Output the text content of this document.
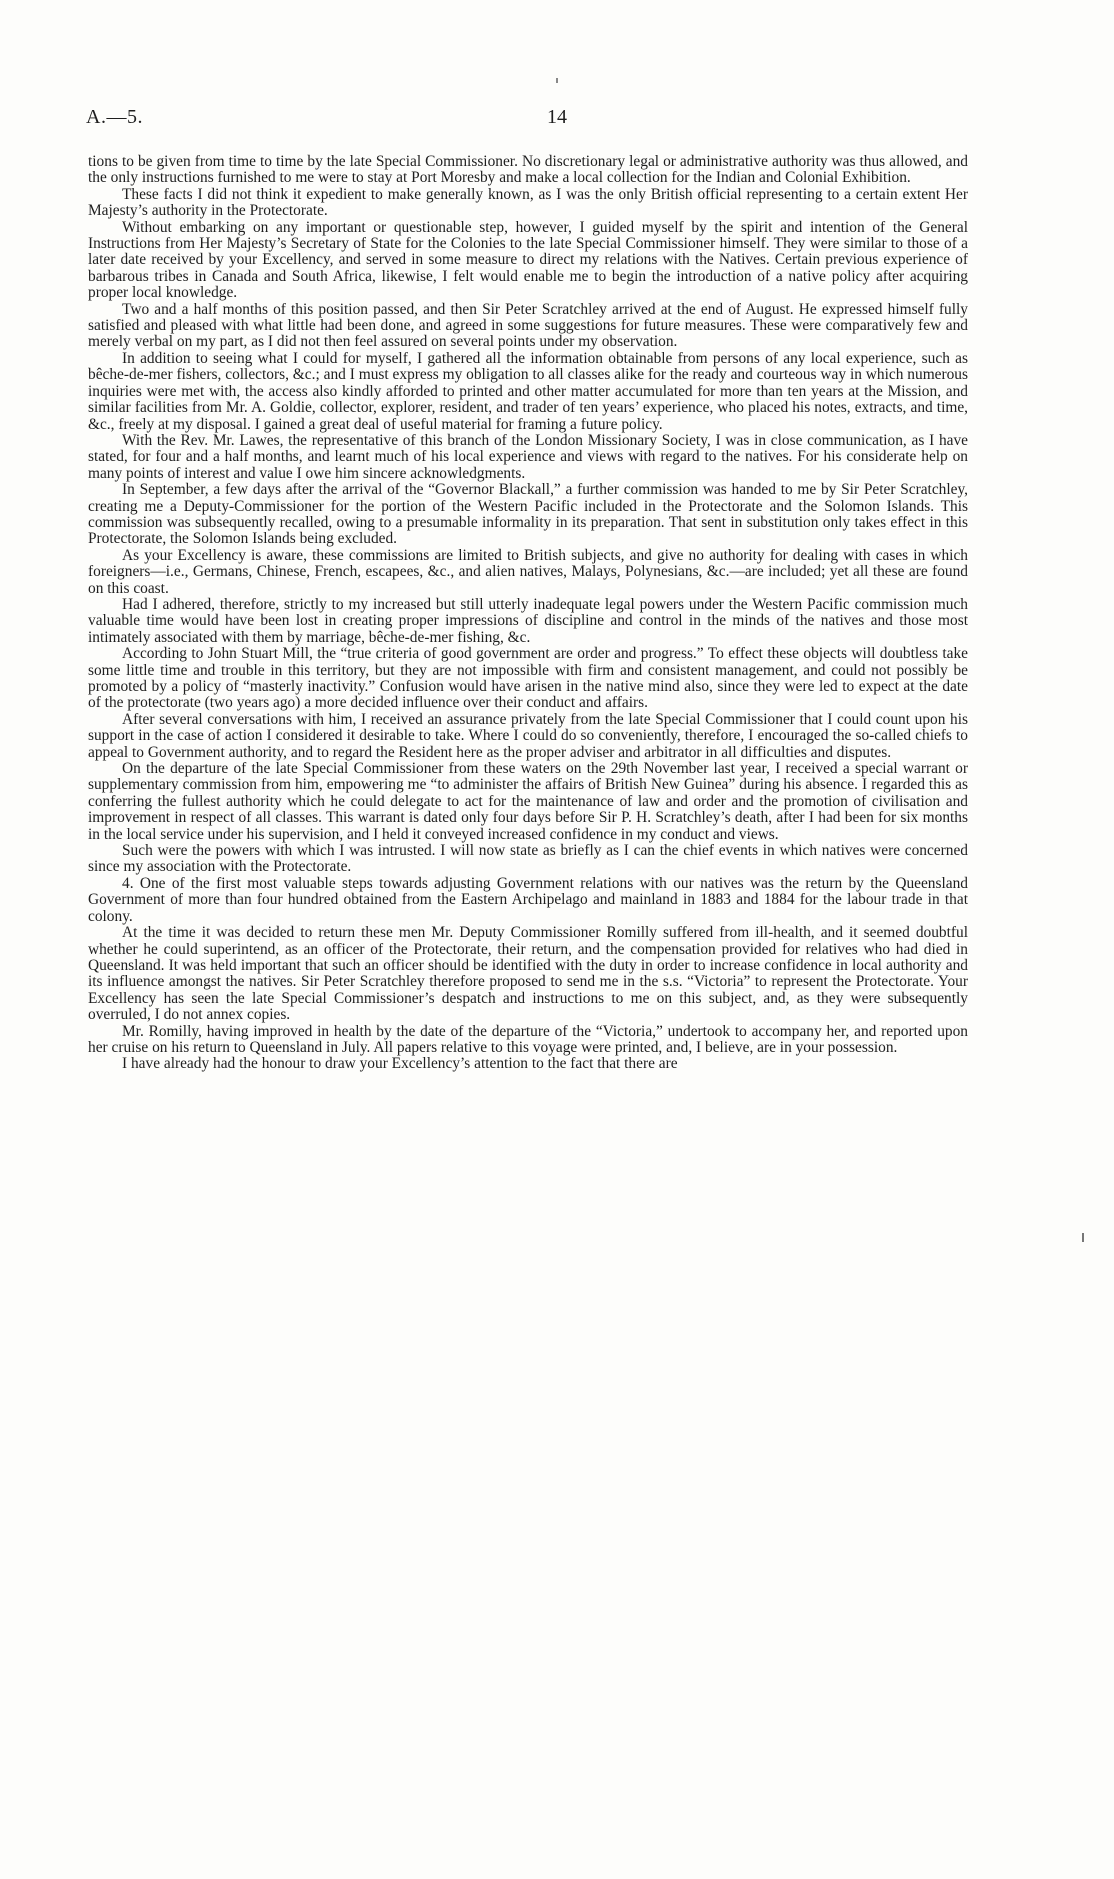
A.—5.	14

tions to be given from time to time by the late Special Commissioner. No discretionary legal or administrative authority was thus allowed, and the only instructions furnished to me were to stay at Port Moresby and make a local collection for the Indian and Colonial Exhibition.

These facts I did not think it expedient to make generally known, as I was the only British official representing to a certain extent Her Majesty’s authority in the Protectorate.

Without embarking on any important or questionable step, however, I guided myself by the spirit and intention of the General Instructions from Her Majesty’s Secretary of State for the Colonies to the late Special Commissioner himself. They were similar to those of a later date received by your Excellency, and served in some measure to direct my relations with the Natives. Certain previous experience of barbarous tribes in Canada and South Africa, likewise, I felt would enable me to begin the introduction of a native policy after acquiring proper local knowledge.

Two and a half months of this position passed, and then Sir Peter Scratchley arrived at the end of August. He expressed himself fully satisfied and pleased with what little had been done, and agreed in some suggestions for future measures. These were comparatively few and merely verbal on my part, as I did not then feel assured on several points under my observation.

In addition to seeing what I could for myself, I gathered all the information obtainable from persons of any local experience, such as bêche-de-mer fishers, collectors, &c.; and I must express my obligation to all classes alike for the ready and courteous way in which numerous inquiries were met with, the access also kindly afforded to printed and other matter accumulated for more than ten years at the Mission, and similar facilities from Mr. A. Goldie, collector, explorer, resident, and trader of ten years’ experience, who placed his notes, extracts, and time, &c., freely at my disposal. I gained a great deal of useful material for framing a future policy.

With the Rev. Mr. Lawes, the representative of this branch of the London Missionary Society, I was in close communication, as I have stated, for four and a half months, and learnt much of his local experience and views with regard to the natives. For his considerate help on many points of interest and value I owe him sincere acknowledgments.

In September, a few days after the arrival of the “Governor Blackall,” a further commission was handed to me by Sir Peter Scratchley, creating me a Deputy-Commissioner for the portion of the Western Pacific included in the Protectorate and the Solomon Islands. This commission was subsequently recalled, owing to a presumable informality in its preparation. That sent in substitution only takes effect in this Protectorate, the Solomon Islands being excluded.

As your Excellency is aware, these commissions are limited to British subjects, and give no authority for dealing with cases in which foreigners—i.e., Germans, Chinese, French, escapees, &c., and alien natives, Malays, Polynesians, &c.—are included; yet all these are found on this coast.

Had I adhered, therefore, strictly to my increased but still utterly inadequate legal powers under the Western Pacific commission much valuable time would have been lost in creating proper impressions of discipline and control in the minds of the natives and those most intimately associated with them by marriage, bêche-de-mer fishing, &c.

According to John Stuart Mill, the “true criteria of good government are order and progress.” To effect these objects will doubtless take some little time and trouble in this territory, but they are not impossible with firm and consistent management, and could not possibly be promoted by a policy of “masterly inactivity.” Confusion would have arisen in the native mind also, since they were led to expect at the date of the protectorate (two years ago) a more decided influence over their conduct and affairs.

After several conversations with him, I received an assurance privately from the late Special Commissioner that I could count upon his support in the case of action I considered it desirable to take. Where I could do so conveniently, therefore, I encouraged the so-called chiefs to appeal to Government authority, and to regard the Resident here as the proper adviser and arbitrator in all difficulties and disputes.

On the departure of the late Special Commissioner from these waters on the 29th November last year, I received a special warrant or supplementary commission from him, empowering me “to administer the affairs of British New Guinea” during his absence. I regarded this as conferring the fullest authority which he could delegate to act for the maintenance of law and order and the promotion of civilisation and improvement in respect of all classes. This warrant is dated only four days before Sir P. H. Scratchley’s death, after I had been for six months in the local service under his supervision, and I held it conveyed increased confidence in my conduct and views.

Such were the powers with which I was intrusted. I will now state as briefly as I can the chief events in which natives were concerned since my association with the Protectorate.

4. One of the first most valuable steps towards adjusting Government relations with our natives was the return by the Queensland Government of more than four hundred obtained from the Eastern Archipelago and mainland in 1883 and 1884 for the labour trade in that colony.

At the time it was decided to return these men Mr. Deputy Commissioner Romilly suffered from ill-health, and it seemed doubtful whether he could superintend, as an officer of the Protectorate, their return, and the compensation provided for relatives who had died in Queensland. It was held important that such an officer should be identified with the duty in order to increase confidence in local authority and its influence amongst the natives. Sir Peter Scratchley therefore proposed to send me in the s.s. “Victoria” to represent the Protectorate. Your Excellency has seen the late Special Commissioner’s despatch and instructions to me on this subject, and, as they were subsequently overruled, I do not annex copies.

Mr. Romilly, having improved in health by the date of the departure of the “Victoria,” undertook to accompany her, and reported upon her cruise on his return to Queensland in July. All papers relative to this voyage were printed, and, I believe, are in your possession.

I have already had the honour to draw your Excellency’s attention to the fact that there are
